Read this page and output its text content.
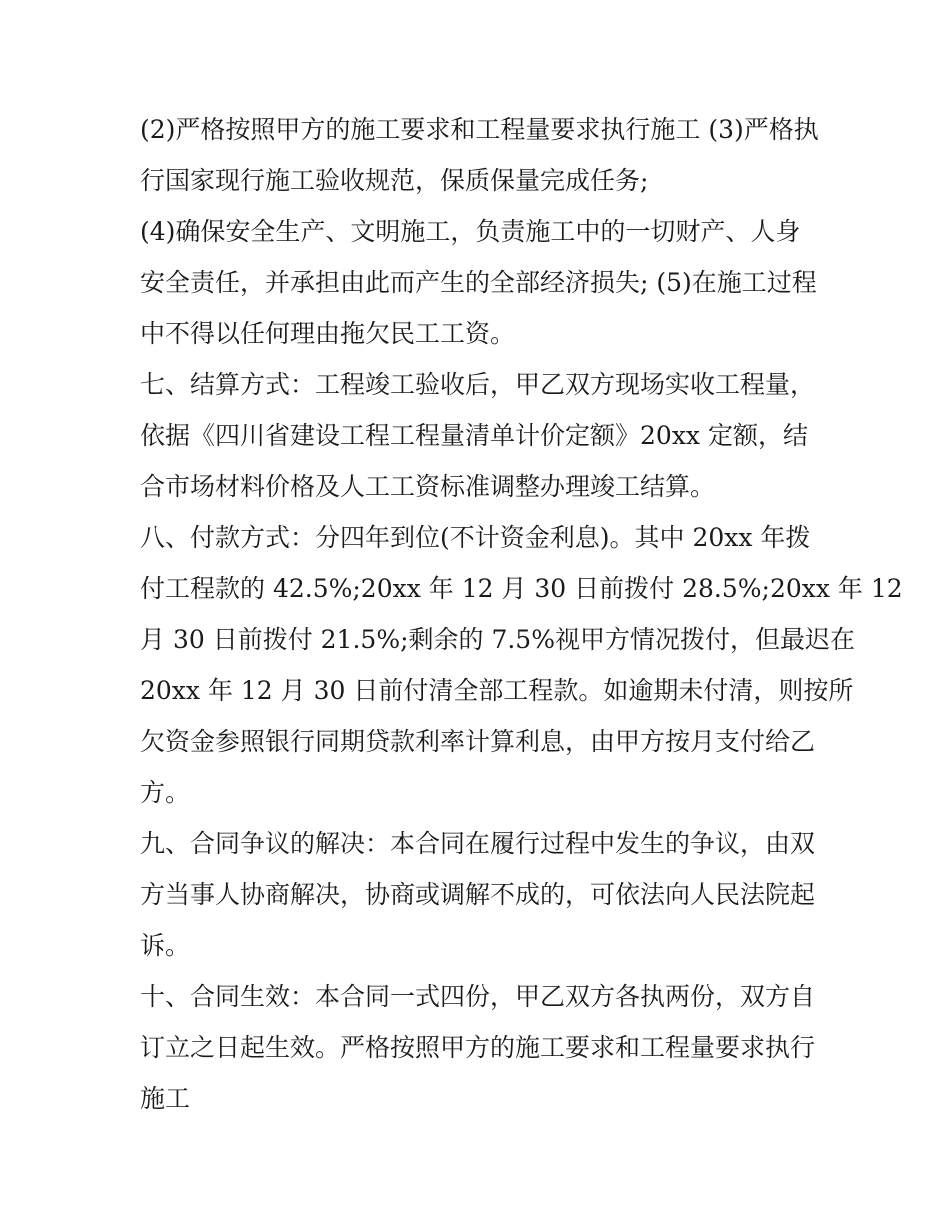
(2)严格按照甲方的施工要求和工程量要求执行施工 (3)严格执
行国家现行施工验收规范，保质保量完成任务;
(4)确保安全生产、文明施工，负责施工中的一切财产、人身
安全责任，并承担由此而产生的全部经济损失; (5)在施工过程
中不得以任何理由拖欠民工工资。
七、结算方式：工程竣工验收后，甲乙双方现场实收工程量，
依据《四川省建设工程工程量清单计价定额》20xx 定额，结
合市场材料价格及人工工资标准调整办理竣工结算。
八、付款方式：分四年到位(不计资金利息)。其中 20xx 年拨
付工程款的 42.5%;20xx 年 12 月 30 日前拨付 28.5%;20xx 年 12
月 30 日前拨付 21.5%;剩余的 7.5%视甲方情况拨付，但最迟在
20xx 年 12 月 30 日前付清全部工程款。如逾期未付清，则按所
欠资金参照银行同期贷款利率计算利息，由甲方按月支付给乙
方。
九、合同争议的解决：本合同在履行过程中发生的争议，由双
方当事人协商解决，协商或调解不成的，可依法向人民法院起
诉。
十、合同生效：本合同一式四份，甲乙双方各执两份，双方自
订立之日起生效。严格按照甲方的施工要求和工程量要求执行
施工
